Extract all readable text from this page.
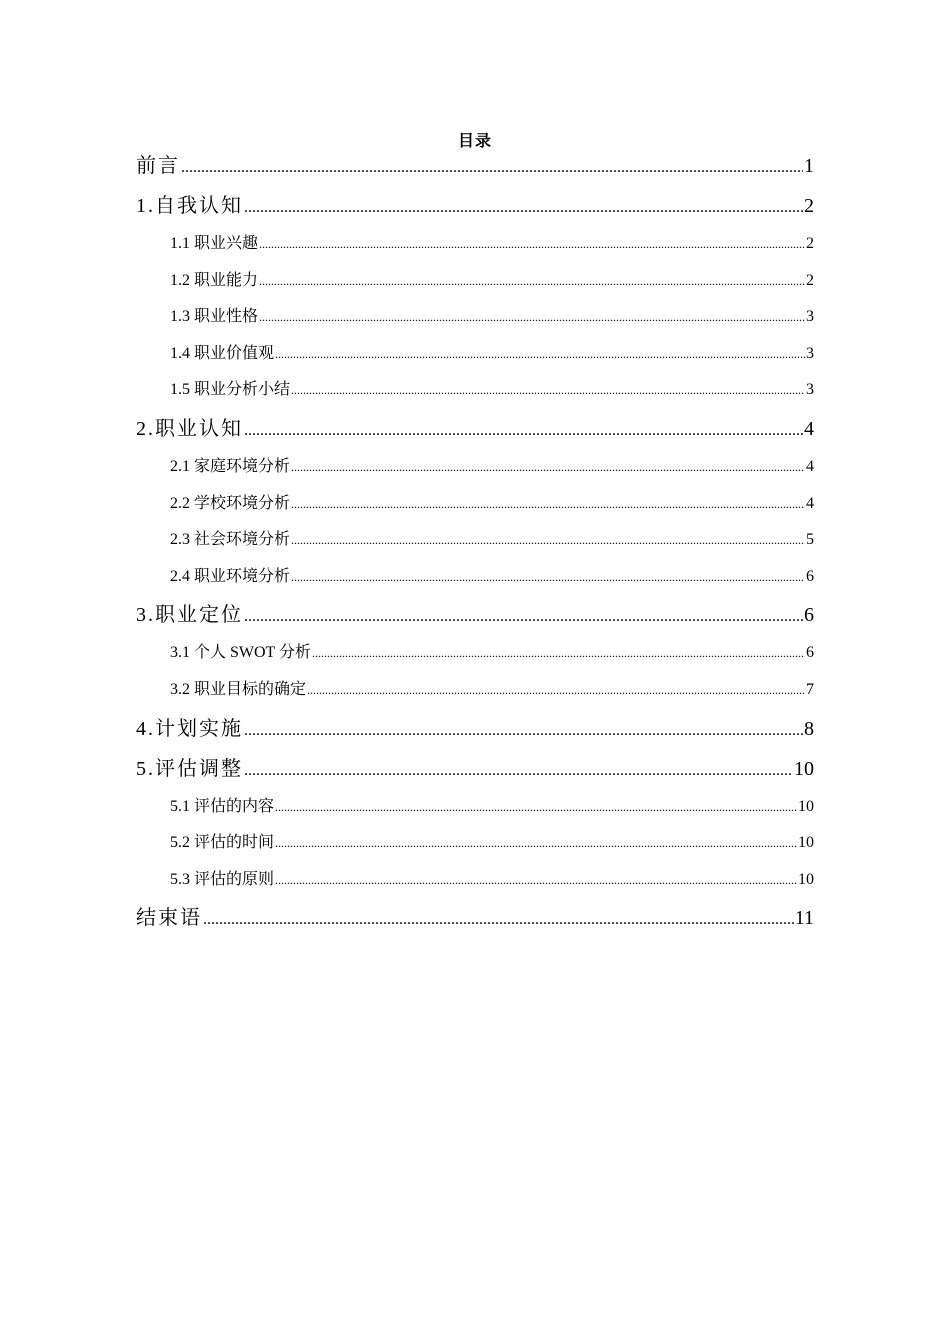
目录
前言 .....	1
1.自我认知 .....	2
1.1 职业兴趣 .....	2
1.2 职业能力 .....	2
1.3 职业性格 .....	3
1.4 职业价值观 .....	3
1.5 职业分析小结 .....	3
2.职业认知 .....	4
2.1 家庭环境分析 .....	4
2.2 学校环境分析 .....	4
2.3 社会环境分析 .....	5
2.4 职业环境分析 .....	6
3.职业定位 .....	6
3.1 个人 SWOT 分析 .....	6
3.2 职业目标的确定 .....	7
4.计划实施 .....	8
5.评估调整 .....	10
5.1 评估的内容 .....	10
5.2 评估的时间 .....	10
5.3 评估的原则 .....	10
结束语 .....	11
